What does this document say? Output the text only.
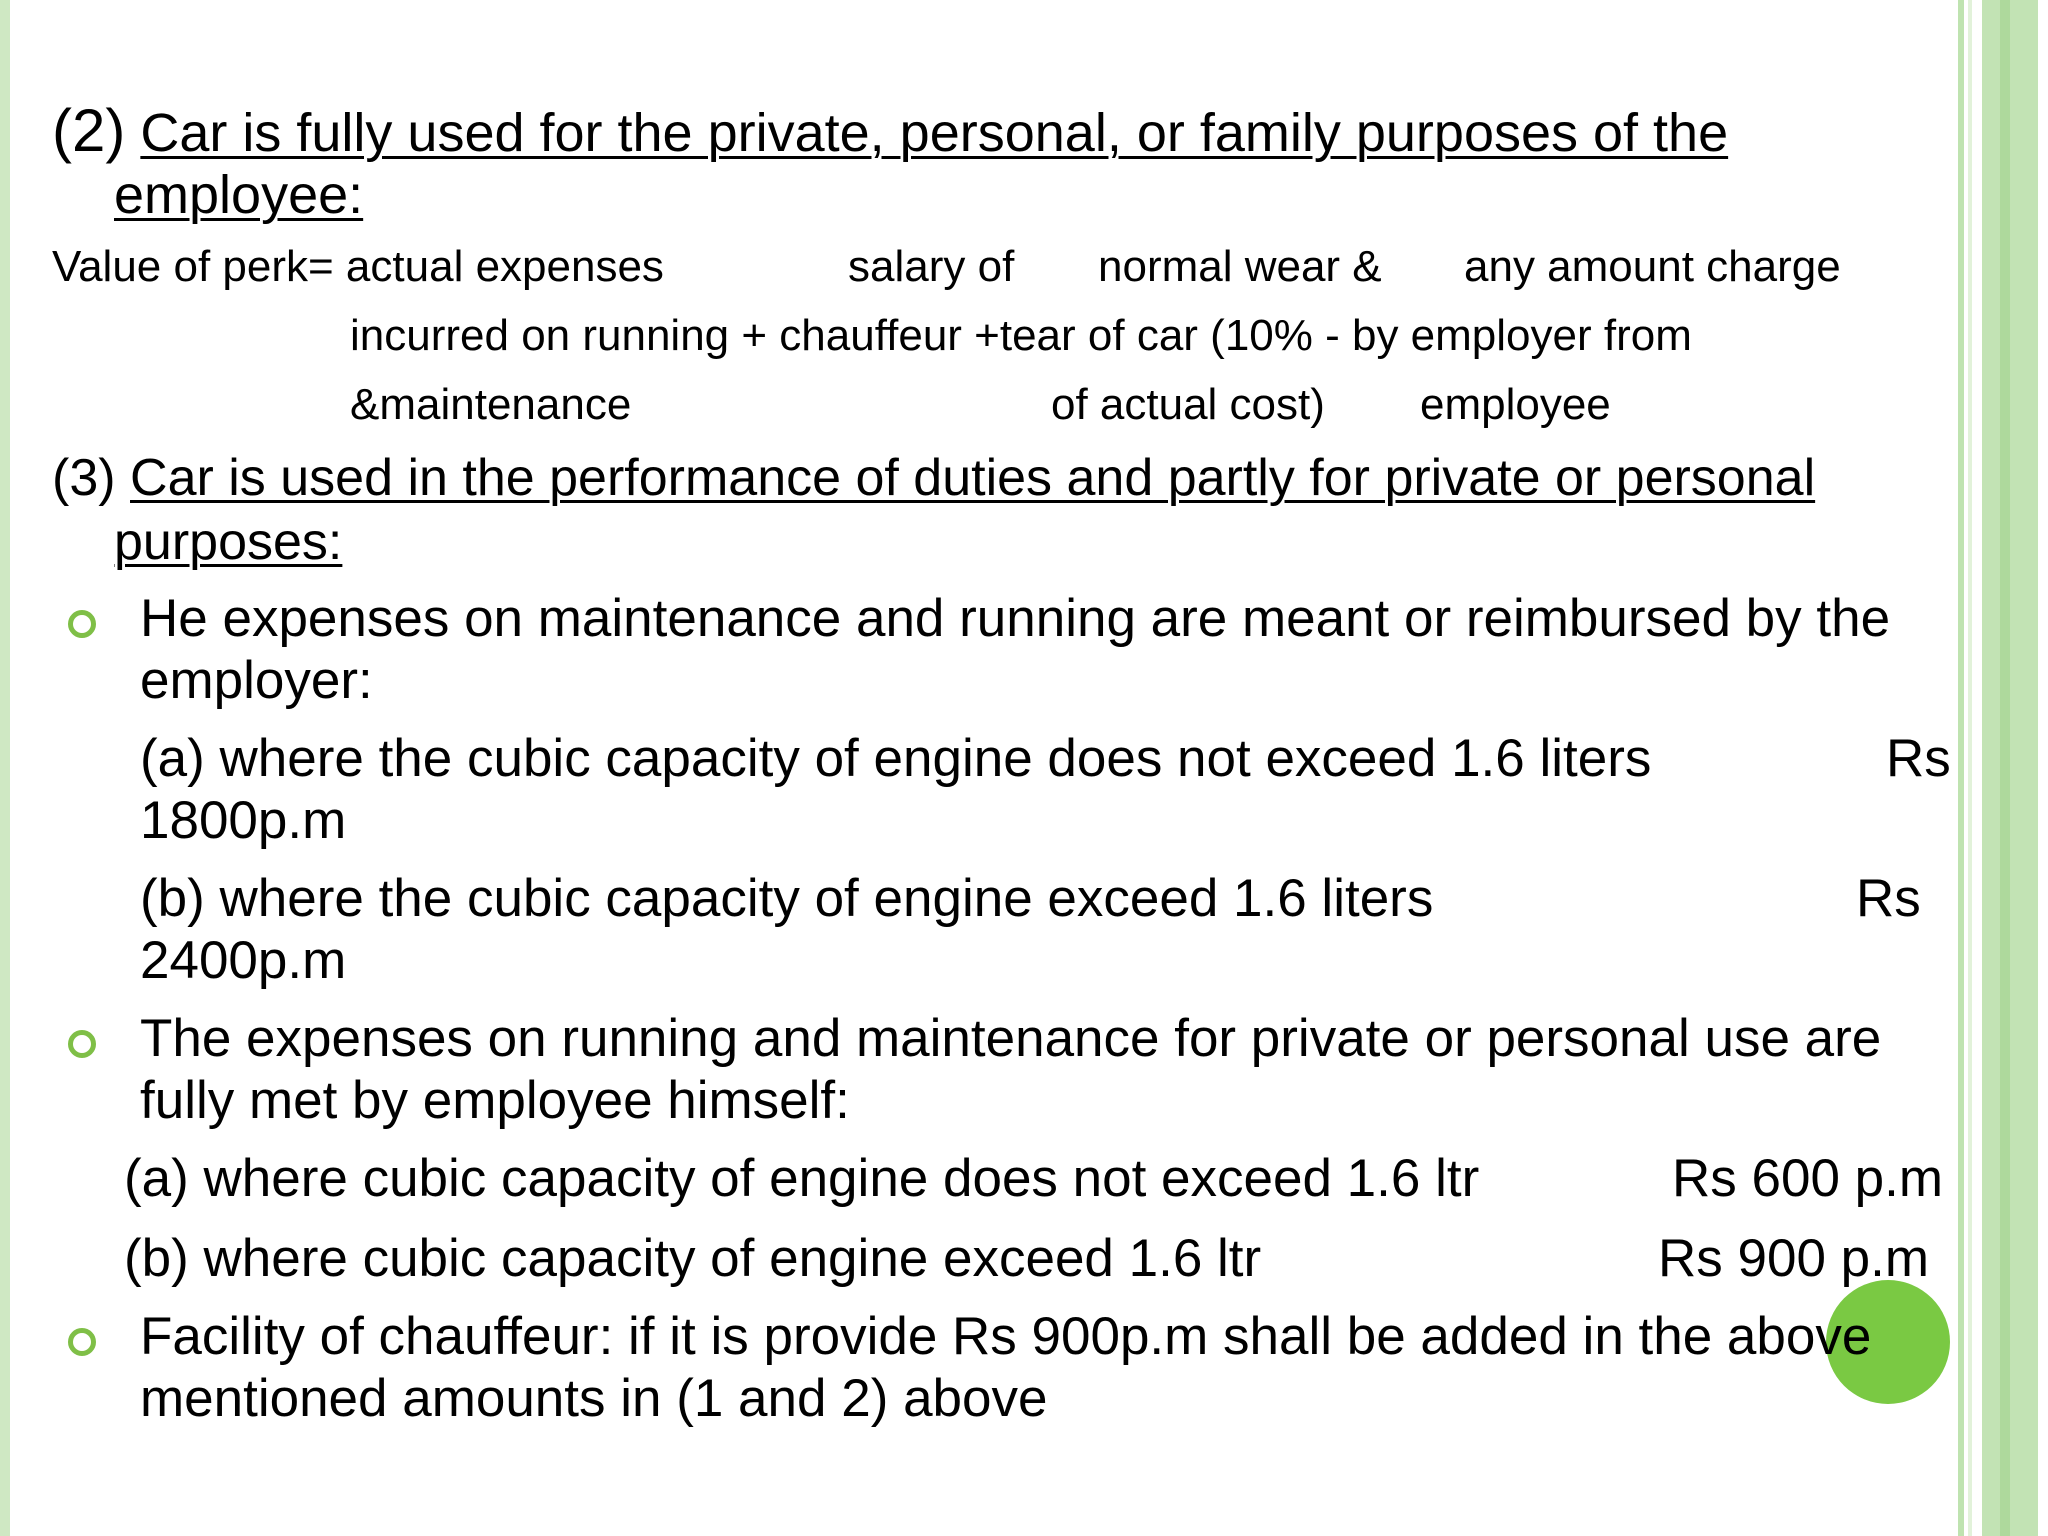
(2) Car is fully used for the private, personal, or family purposes of the
employee:
Value of perk= actual expenses	salary of normal wear & any amount charge
incurred on running + chauffeur +tear of car (10% - by employer from
&maintenance	of actual cost) employee
(3) Car is used in the performance of duties and partly for private or personal
purposes:
He expenses on maintenance and running are meant or reimbursed by the
employer:
(a) where the cubic capacity of engine does not exceed 1.6 liters	Rs
1800p.m
(b) where the cubic capacity of engine exceed 1.6 liters	Rs
2400p.m
The expenses on running and maintenance for private or personal use are
fully met by employee himself:
(a) where cubic capacity of engine does not exceed 1.6 ltr	Rs 600 p.m
(b) where cubic capacity of engine exceed 1.6 ltr	Rs 900 p.m
Facility of chauffeur: if it is provide Rs 900p.m shall be added in the above
mentioned amounts in (1 and 2) above
